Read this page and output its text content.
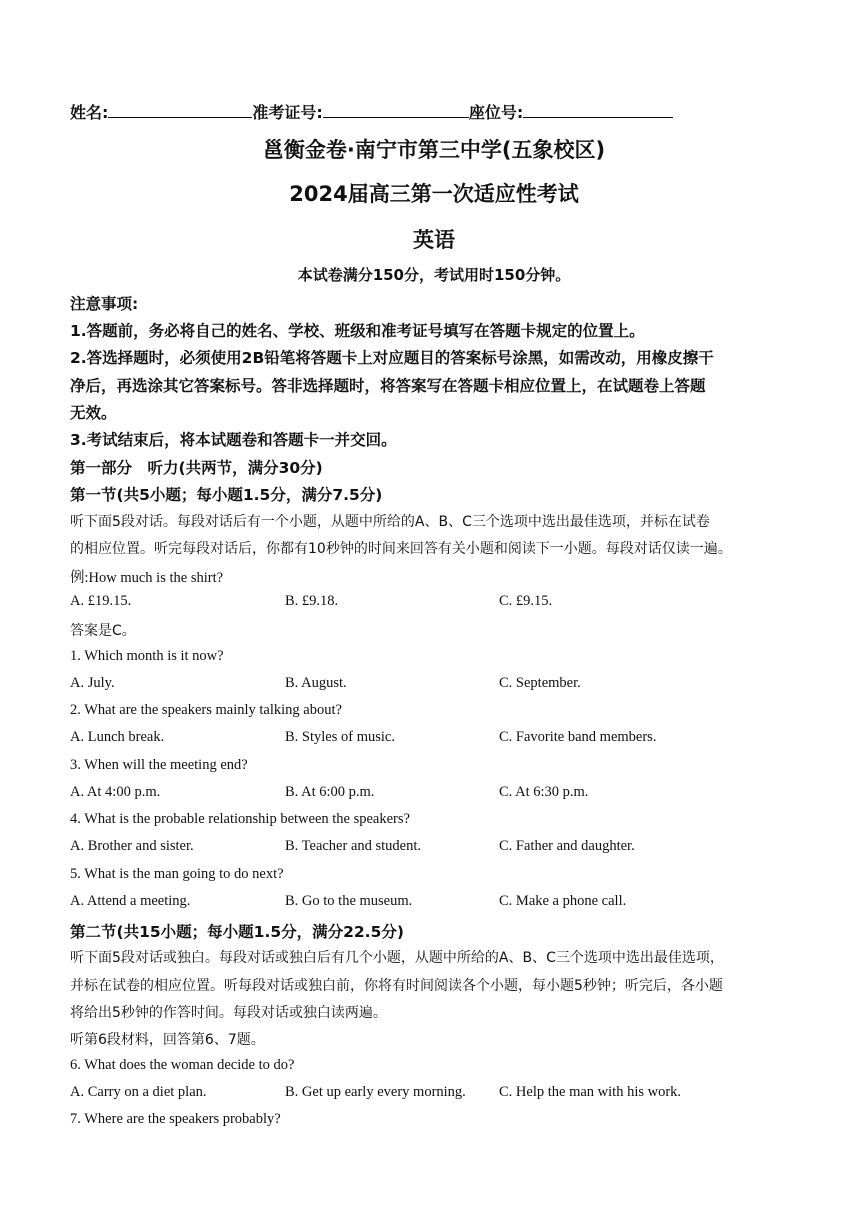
姓名:	准考证号:	座位号:
邕衡金卷·南宁市第三中学(五象校区)
2024届高三第一次适应性考试
英语
本试卷满分150分，考试用时150分钟。
注意事项:
1.答题前，务必将自己的姓名、学校、班级和准考证号填写在答题卡规定的位置上。
2.答选择题时，必须使用2B铅笔将答题卡上对应题目的答案标号涂黑，如需改动，用橡皮擦干
净后，再选涂其它答案标号。答非选择题时，将答案写在答题卡相应位置上，在试题卷上答题
无效。
3.考试结束后，将本试题卷和答题卡一并交回。
第一部分　听力(共两节，满分30分)
第一节(共5小题；每小题1.5分，满分7.5分)
听下面5段对话。每段对话后有一个小题，从题中所给的A、B、C三个选项中选出最佳选项，并标在试卷
的相应位置。听完每段对话后，你都有10秒钟的时间来回答有关小题和阅读下一小题。每段对话仅读一遍。
例:How much is the shirt?
A. £19.15.	B. £9.18.	C. £9.15.
答案是C。
1. Which month is it now?
A. July.	B. August.	C. September.
2. What are the speakers mainly talking about?
A. Lunch break.	B. Styles of music.	C. Favorite band members.
3. When will the meeting end?
A. At 4:00 p.m.	B. At 6:00 p.m.	C. At 6:30 p.m.
4. What is the probable relationship between the speakers?
A. Brother and sister.	B. Teacher and student.	C. Father and daughter.
5. What is the man going to do next?
A. Attend a meeting.	B. Go to the museum.	C. Make a phone call.
第二节(共15小题；每小题1.5分，满分22.5分)
听下面5段对话或独白。每段对话或独白后有几个小题，从题中所给的A、B、C三个选项中选出最佳选项，
并标在试卷的相应位置。听每段对话或独白前，你将有时间阅读各个小题，每小题5秒钟；听完后，各小题
将给出5秒钟的作答时间。每段对话或独白读两遍。
听第6段材料，回答第6、7题。
6. What does the woman decide to do?
A. Carry on a diet plan.	B. Get up early every morning. C. Help the man with his work.
7. Where are the speakers probably?
